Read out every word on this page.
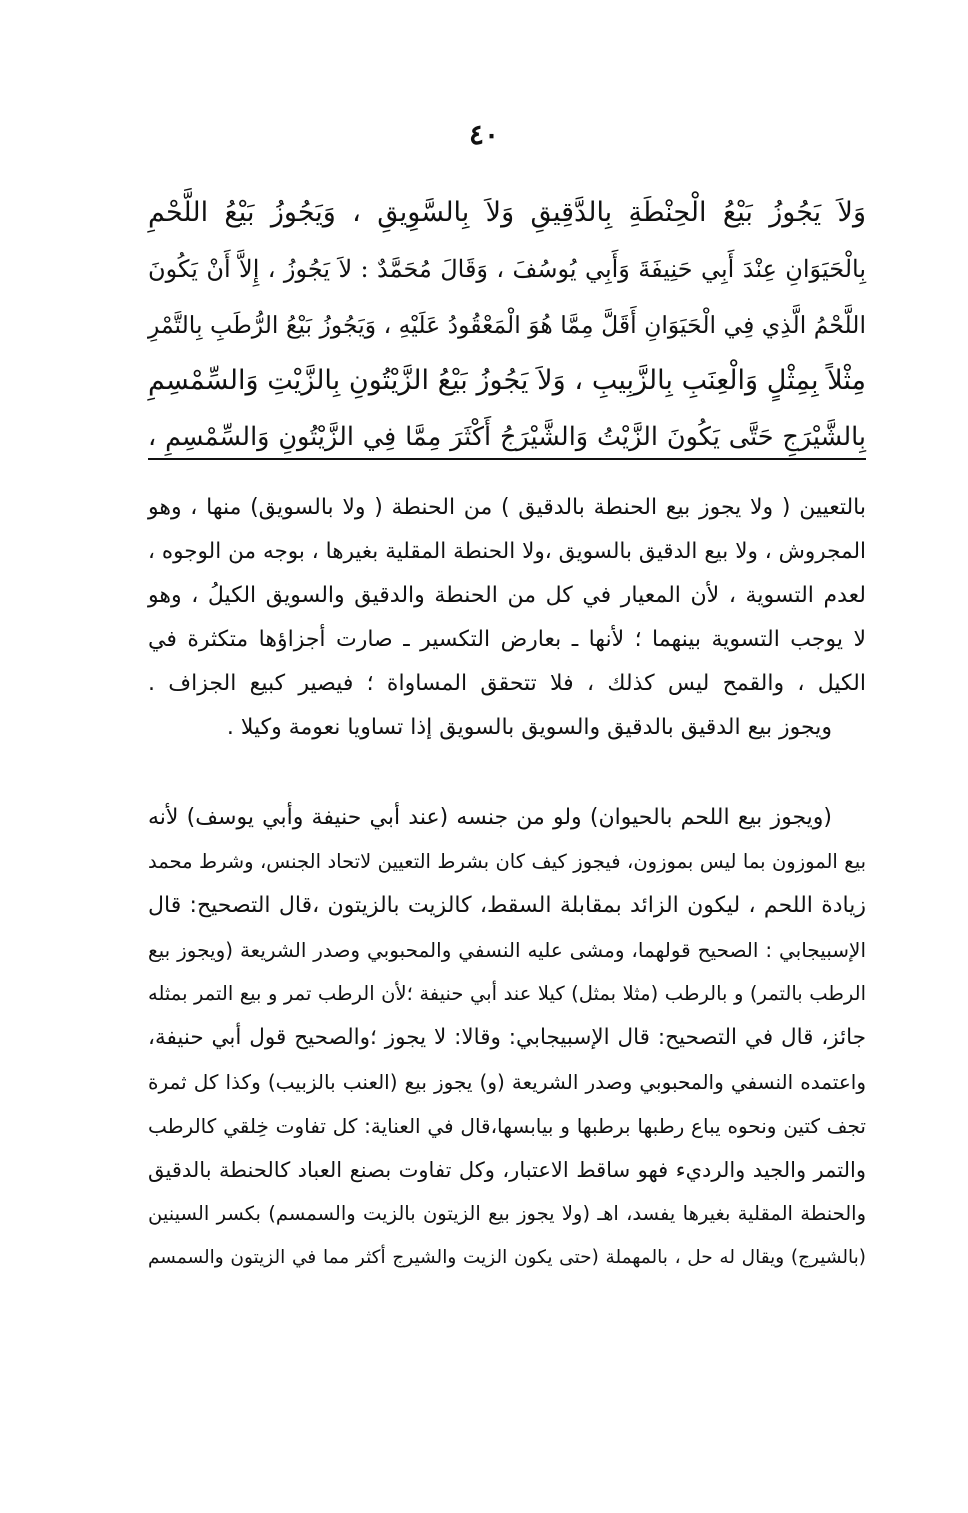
٤٠
وَلاَ يَجُوزُ بَيْعُ الْحِنْطَةِ بِالدَّقِيقِ وَلاَ بِالسَّوِيقِ ، وَيَجُوزُ بَيْعُ اللَّحْمِ
بِالْحَيَوَانِ عِنْدَ أَبِي حَنِيفَةَ وَأَبِي يُوسُفَ ، وَقَالَ مُحَمَّدٌ : لاَ يَجُوزُ ، إِلاَّ أَنْ يَكُونَ
اللَّحْمُ الَّذِي فِي الْحَيَوَانِ أَقَلَّ مِمَّا هُوَ الْمَعْقُودُ عَلَيْهِ ، وَيَجُوزُ بَيْعُ الرُّطَبِ بِالتَّمْرِ
مِثْلاً بِمِثْلٍ وَالْعِنَبِ بِالزَّبِيبِ ، وَلاَ يَجُوزُ بَيْعُ الزَّيْتُونِ بِالزَّيْتِ وَالسِّمْسِمِ
بِالشَّيْرَجِ حَتَّى يَكُونَ الزَّيْتُ وَالشَّيْرَجُ أَكْثَرَ مِمَّا فِي الزَّيْتُونِ وَالسِّمْسِمِ ،
بالتعيين ( ولا يجوز بيع الحنطة بالدقيق ) من الحنطة ( ولا بالسويق) منها ، وهو
المجروش ، ولا بيع الدقيق بالسويق ،ولا الحنطة المقلية بغيرها ، بوجه من الوجوه ،
لعدم التسوية ، لأن المعيار في كل من الحنطة والدقيق والسويق الكيلُ ، وهو
لا يوجب التسوية بينهما ؛ لأنها ـ بعارض التكسير ـ صارت أجزاؤها متكثرة في
الكيل ، والقمح ليس كذلك ، فلا تتحقق المساواة ؛ فيصير كبيع الجزاف .
ويجوز بيع الدقيق بالدقيق والسويق بالسويق إذا تساويا نعومة وكيلا .
(ويجوز بيع اللحم بالحيوان) ولو من جنسه (عند أبي حنيفة وأبي يوسف) لأنه
بيع الموزون بما ليس بموزون، فيجوز كيف كان بشرط التعيين لاتحاد الجنس، وشرط محمد
زيادة اللحم ، ليكون الزائد بمقابلة السقط، كالزيت بالزيتون ،قال التصحيح: قال
الإسبيجابي : الصحيح قولهما، ومشى عليه النسفي والمحبوبي وصدر الشريعة (ويجوز بيع
الرطب بالتمر) و بالرطب (مثلا بمثل) كيلا عند أبي حنيفة ؛لأن الرطب تمر و بيع التمر بمثله
جائز، قال في التصحيح: قال الإسبيجابي: وقالا: لا يجوز ؛والصحيح قول أبي حنيفة،
واعتمده النسفي والمحبوبي وصدر الشريعة (و) يجوز بيع (العنب بالزبيب) وكذا كل ثمرة
تجف كتين ونحوه يباع رطبها برطبها و بيابسها،قال في العناية: كل تفاوت خِلقي كالرطب
والتمر والجيد والرديء فهو ساقط الاعتبار، وكل تفاوت بصنع العباد كالحنطة بالدقيق
والحنطة المقلية بغيرها يفسد، اهـ (ولا يجوز بيع الزيتون بالزيت والسمسم) بكسر السينين
(بالشيرج) ويقال له حل ، بالمهملة (حتى يكون الزيت والشيرج أكثر مما في الزيتون والسمسم
